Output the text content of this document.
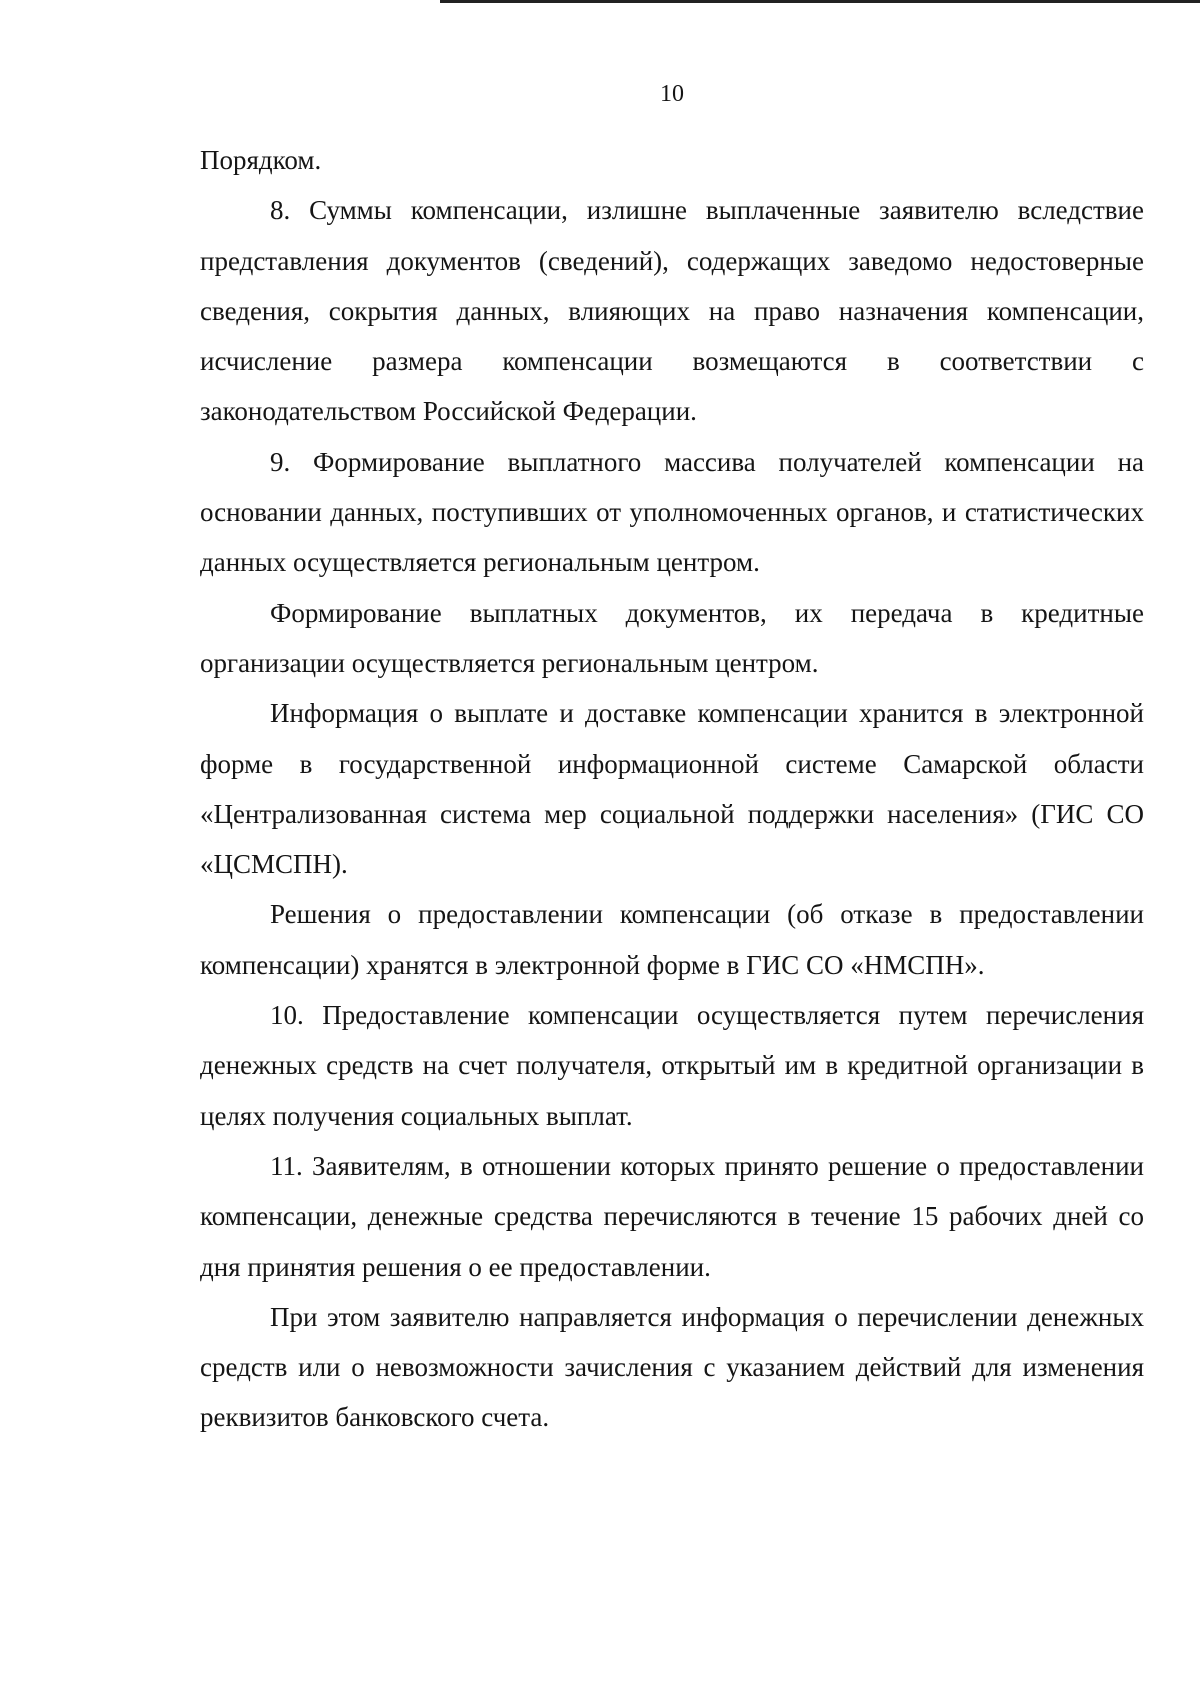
10

Порядком.

8. Суммы компенсации, излишне выплаченные заявителю вследствие представления документов (сведений), содержащих заведомо недостоверные сведения, сокрытия данных, влияющих на право назначения компенсации, исчисление размера компенсации возмещаются в соответствии с законодательством Российской Федерации.

9. Формирование выплатного массива получателей компенсации на основании данных, поступивших от уполномоченных органов, и статистических данных осуществляется региональным центром.

Формирование выплатных документов, их передача в кредитные организации осуществляется региональным центром.

Информация о выплате и доставке компенсации хранится в электронной форме в государственной информационной системе Самарской области «Централизованная система мер социальной поддержки населения» (ГИС СО «ЦСМСПН).

Решения о предоставлении компенсации (об отказе в предоставлении компенсации) хранятся в электронной форме в ГИС СО «НМСПН».

10. Предоставление компенсации осуществляется путем перечисления денежных средств на счет получателя, открытый им в кредитной организации в целях получения социальных выплат.

11. Заявителям, в отношении которых принято решение о предоставлении компенсации, денежные средства перечисляются в течение 15 рабочих дней со дня принятия решения о ее предоставлении.

При этом заявителю направляется информация о перечислении денежных средств или о невозможности зачисления с указанием действий для изменения реквизитов банковского счета.
